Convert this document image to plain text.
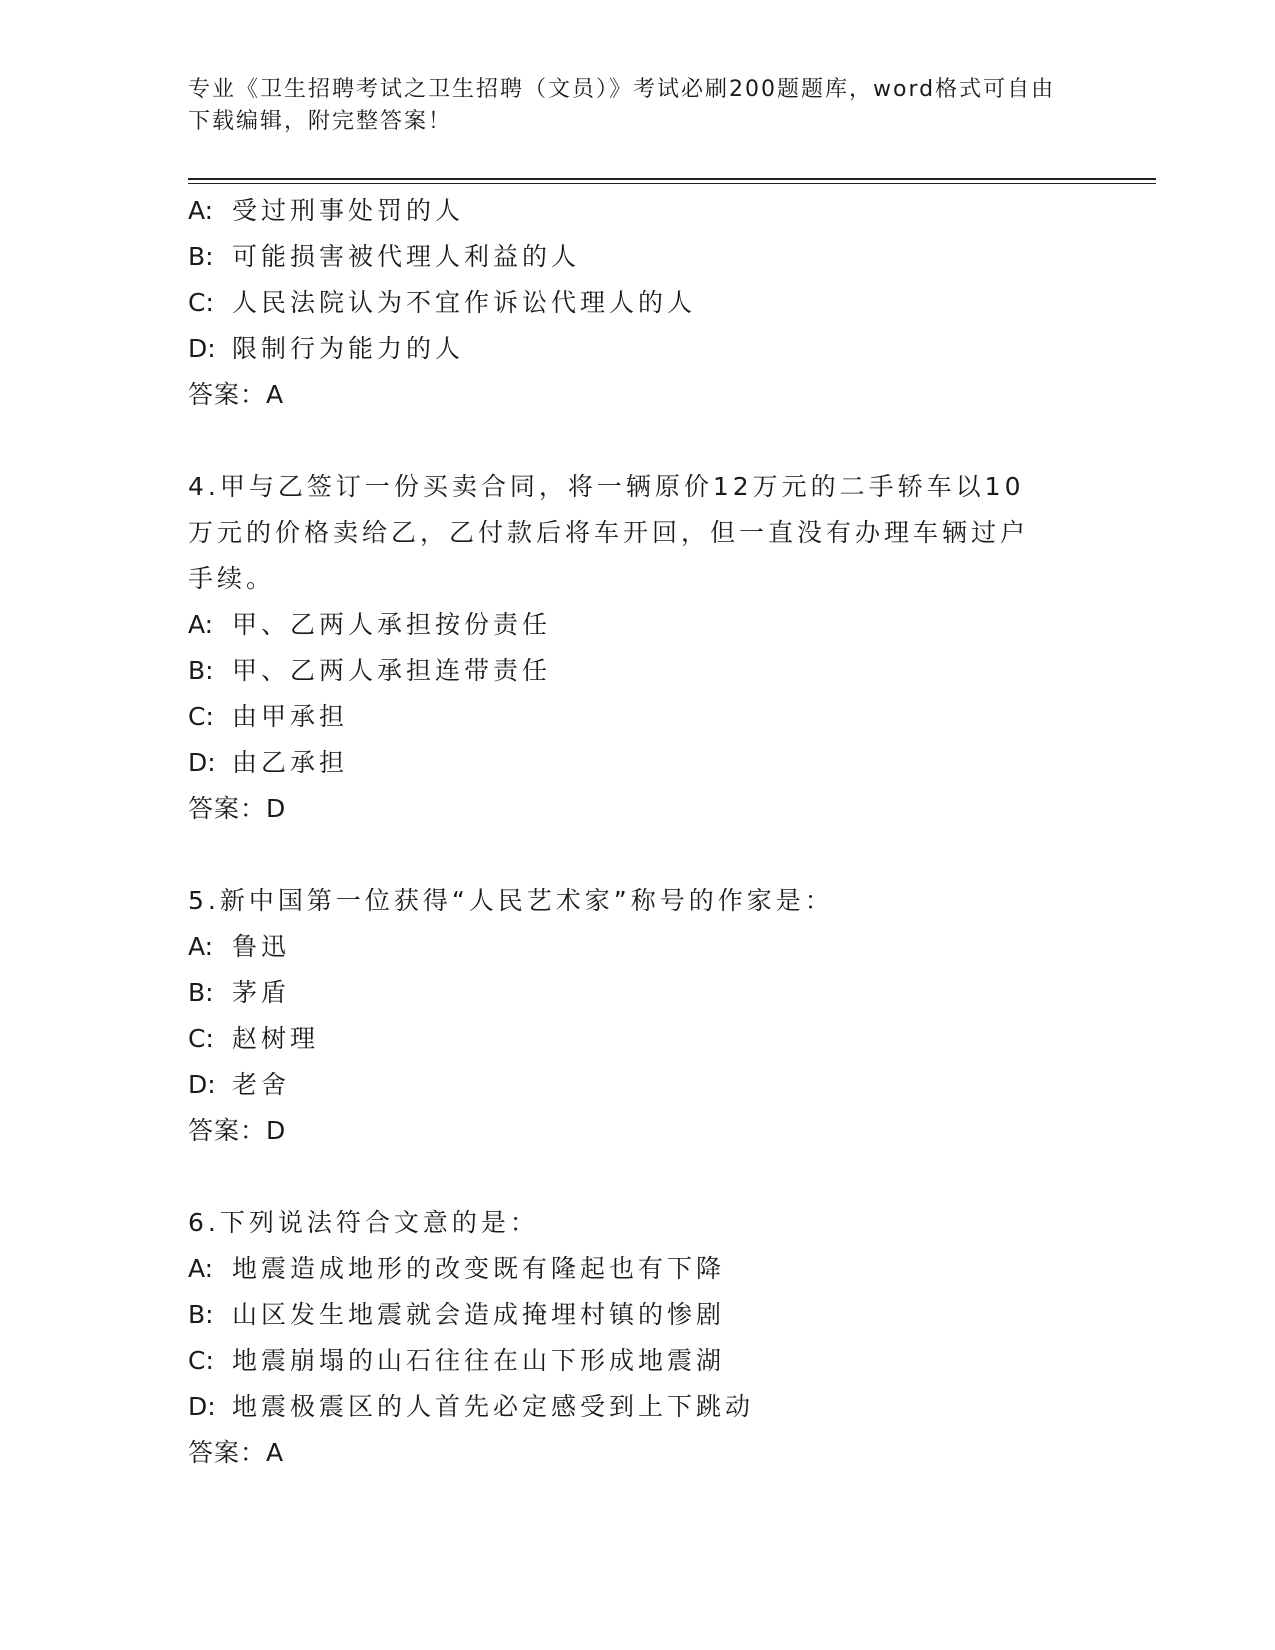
专业《卫生招聘考试之卫生招聘（文员）》考试必刷200题题库，word格式可自由下载编辑，附完整答案！
A: 受过刑事处罚的人
B: 可能损害被代理人利益的人
C: 人民法院认为不宜作诉讼代理人的人
D: 限制行为能力的人
答案：A
4.甲与乙签订一份买卖合同，将一辆原价12万元的二手轿车以10万元的价格卖给乙，乙付款后将车开回，但一直没有办理车辆过户手续。
A: 甲、乙两人承担按份责任
B: 甲、乙两人承担连带责任
C: 由甲承担
D: 由乙承担
答案：D
5.新中国第一位获得“人民艺术家”称号的作家是：
A: 鲁迅
B: 茅盾
C: 赵树理
D: 老舍
答案：D
6.下列说法符合文意的是：
A: 地震造成地形的改变既有隆起也有下降
B: 山区发生地震就会造成掩埋村镇的惨剧
C: 地震崩塌的山石往往在山下形成地震湖
D: 地震极震区的人首先必定感受到上下跳动
答案：A
